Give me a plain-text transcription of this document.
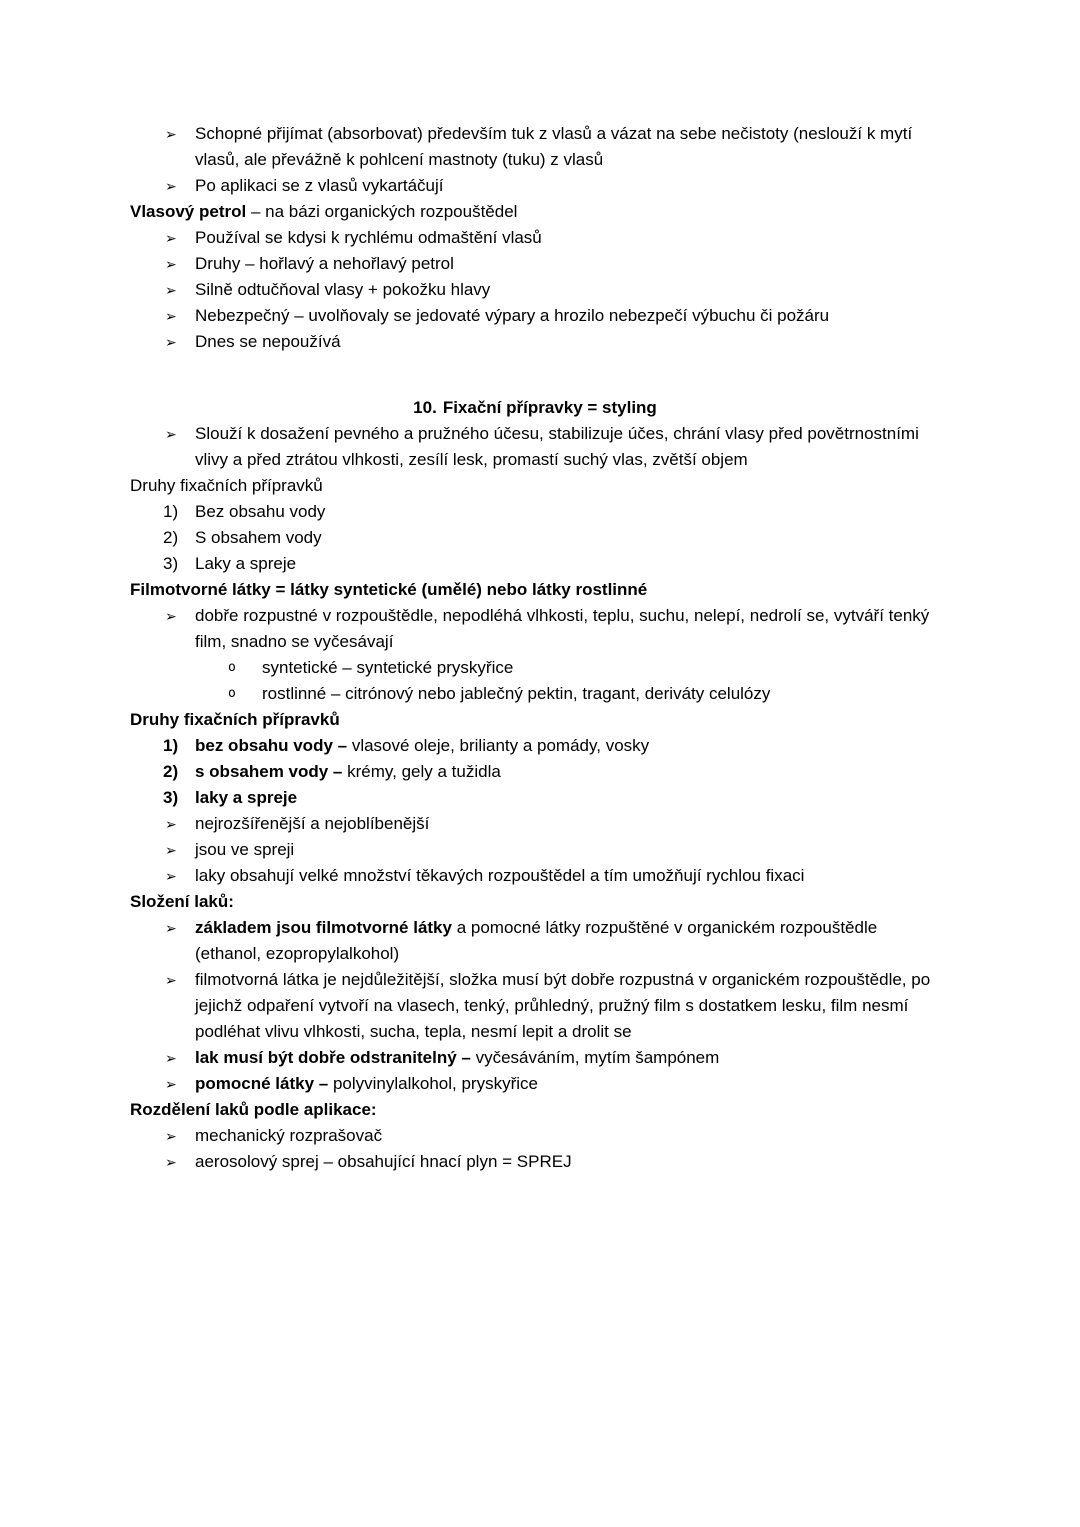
➢	Schopné přijímat (absorbovat) především tuk z vlasů a vázat na sebe nečistoty (neslouží k mytí vlasů, ale převážně k pohlcení mastnoty (tuku) z vlasů
➢	Po aplikaci se z vlasů vykartáčují
Vlasový petrol – na bázi organických rozpouštědel
➢	Používal se kdysi k rychlému odmaštění vlasů
➢	Druhy – hořlavý a nehořlavý petrol
➢	Silně odtučňoval vlasy + pokožku hlavy
➢	Nebezpečný – uvolňovaly se jedovaté výpary a hrozilo nebezpečí výbuchu či požáru
➢	Dnes se nepoužívá
10. Fixační přípravky = styling
➢	Slouží k dosažení pevného a pružného účesu, stabilizuje účes, chrání vlasy před povětrnostními vlivy a před ztrátou vlhkosti, zesílí lesk, promastí suchý vlas, zvětší objem
Druhy fixačních přípravků
1) Bez obsahu vody
2) S obsahem vody
3) Laky a spreje
Filmotvorné látky = látky syntetické (umělé) nebo látky rostlinné
➢	dobře rozpustné v rozpouštědle, nepodléhá vlhkosti, teplu, suchu, nelepí, nedrolí se, vytváří tenký film, snadno se vyčesávají
o	syntetické – syntetické pryskyřice
o	rostlinné – citrónový nebo jablečný pektin, tragant, deriváty celulózy
Druhy fixačních přípravků
1) bez obsahu vody – vlasové oleje, brilianty a pomády, vosky
2) s obsahem vody – krémy, gely a tužidla
3) laky a spreje
➢	nejrozšířenější a nejoblíbenější
➢	jsou ve spreji
➢	laky obsahují velké množství těkavých rozpouštědel a tím umožňují rychlou fixaci
Složení laků:
➢	základem jsou filmotvorné látky a pomocné látky rozpuštěné v organickém rozpouštědle (ethanol, ezopropylalkohol)
➢	filmotvorná látka je nejdůležitější, složka musí být dobře rozpustná v organickém rozpouštědle, po jejichž odpaření vytvoří na vlasech, tenký, průhledný, pružný film s dostatkem lesku, film nesmí podléhat vlivu vlhkosti, sucha, tepla, nesmí lepit a drolit se
➢	lak musí být dobře odstranitelný – vyčesáváním, mytím šampónem
➢	pomocné látky – polyvinylalkohol, pryskyřice
Rozdělení laků podle aplikace:
➢	mechanický rozprašovač
➢	aerosolový sprej – obsahující hnací plyn = SPREJ
